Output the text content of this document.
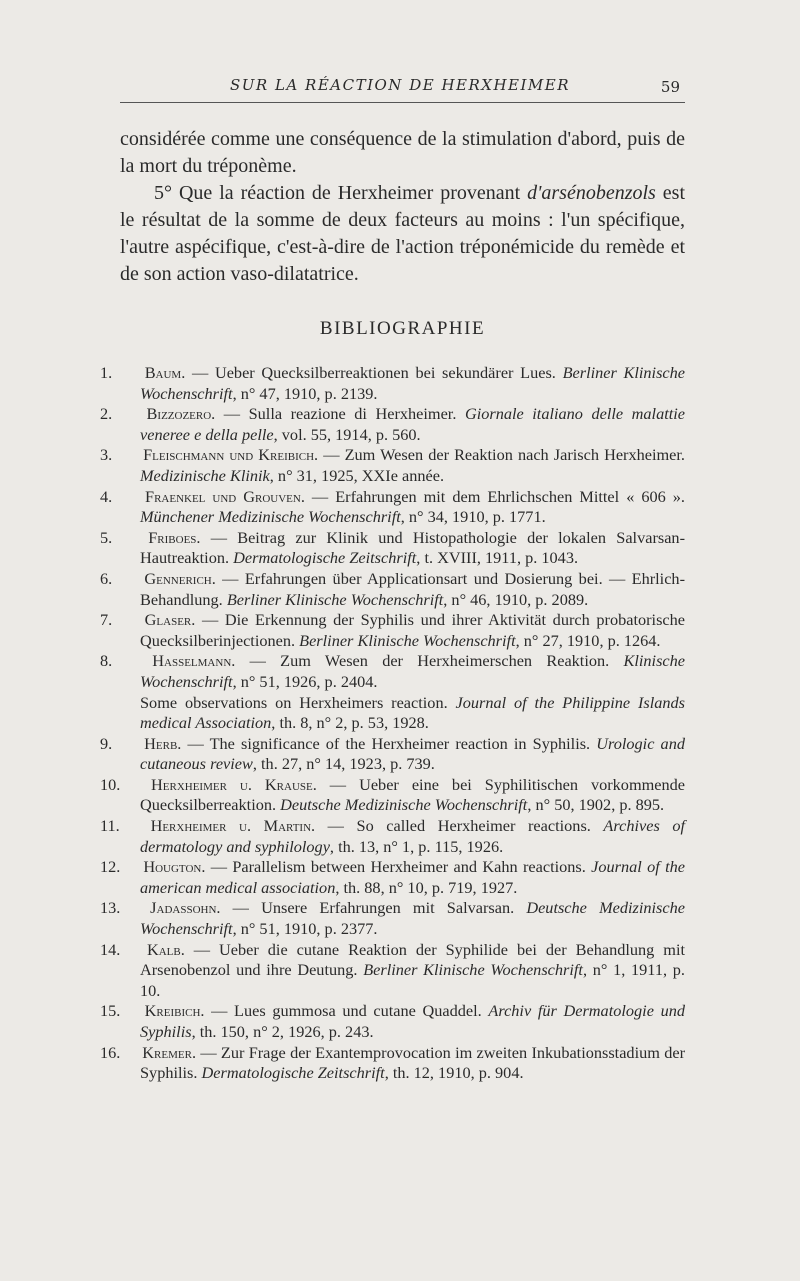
SUR LA RÉACTION DE HERXHEIMER	59

considérée comme une conséquence de la stimulation d'abord, puis de la mort du tréponème.

5° Que la réaction de Herxheimer provenant d'arsénobenzols est le résultat de la somme de deux facteurs au moins : l'un spécifique, l'autre aspécifique, c'est-à-dire de l'action tréponémicide du remède et de son action vaso-dilatatrice.

BIBLIOGRAPHIE
1. Baum. — Ueber Quecksilberreaktionen bei sekundärer Lues. Berliner Klinische Wochenschrift, n° 47, 1910, p. 2139.
2. Bizzozero. — Sulla reazione di Herxheimer. Giornale italiano delle malattie veneree e della pelle, vol. 55, 1914, p. 560.
3. Fleischmann und Kreibich. — Zum Wesen der Reaktion nach Jarisch Herxheimer. Medizinische Klinik, n° 31, 1925, XXIe année.
4. Fraenkel und Grouven. — Erfahrungen mit dem Ehrlichschen Mittel « 606 ». Münchener Medizinische Wochenschrift, n° 34, 1910, p. 1771.
5. Friboes. — Beitrag zur Klinik und Histopathologie der lokalen Salvarsan-Hautreaktion. Dermatologische Zeitschrift, t. XVIII, 1911, p. 1043.
6. Gennerich. — Erfahrungen über Applicationsart und Dosierung bei. — Ehrlich-Behandlung. Berliner Klinische Wochenschrift, n° 46, 1910, p. 2089.
7. Glaser. — Die Erkennung der Syphilis und ihrer Aktivität durch probatorische Quecksilberinjectionen. Berliner Klinische Wochenschrift, n° 27, 1910, p. 1264.
8. Hasselmann. — Zum Wesen der Herxheimerschen Reaktion. Klinische Wochenschrift, n° 51, 1926, p. 2404.
Some observations on Herxheimers reaction. Journal of the Philippine Islands medical Association, th. 8, n° 2, p. 53, 1928.
9. Herb. — The significance of the Herxheimer reaction in Syphilis. Urologic and cutaneous review, th. 27, n° 14, 1923, p. 739.
10. Herxheimer u. Krause. — Ueber eine bei Syphilitischen vorkommende Quecksilberreaktion. Deutsche Medizinische Wochenschrift, n° 50, 1902, p. 895.
11. Herxheimer u. Martin. — So called Herxheimer reactions. Archives of dermatology and syphilology, th. 13, n° 1, p. 115, 1926.
12. Hougton. — Parallelism between Herxheimer and Kahn reactions. Journal of the american medical association, th. 88, n° 10, p. 719, 1927.
13. Jadassohn. — Unsere Erfahrungen mit Salvarsan. Deutsche Medizinische Wochenschrift, n° 51, 1910, p. 2377.
14. Kalb. — Ueber die cutane Reaktion der Syphilide bei der Behandlung mit Arsenobenzol und ihre Deutung. Berliner Klinische Wochenschrift, n° 1, 1911, p. 10.
15. Kreibich. — Lues gummosa und cutane Quaddel. Archiv für Dermatologie und Syphilis, th. 150, n° 2, 1926, p. 243.
16. Kremer. — Zur Frage der Exantemprovocation im zweiten Inkubationsstadium der Syphilis. Dermatologische Zeitschrift, th. 12, 1910, p. 904.
